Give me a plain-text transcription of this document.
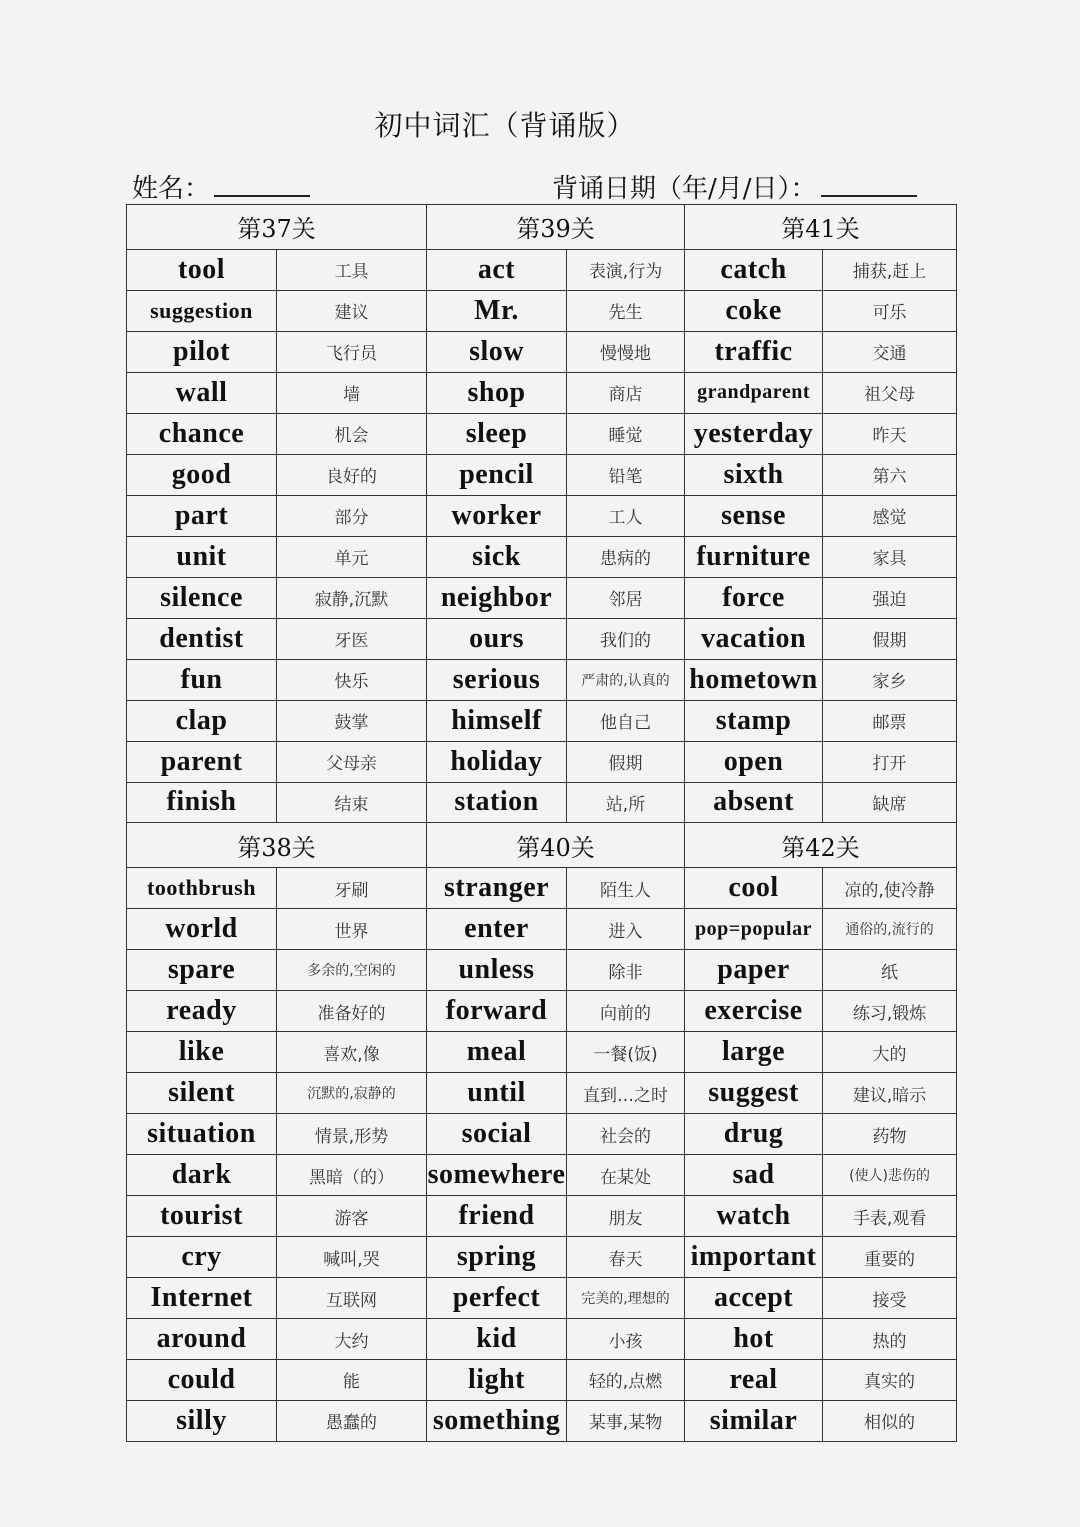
初中词汇（背诵版）
姓名：	背诵日期（年/月/日）：
第37关		第39关		第41关	
tool	工具	act	表演,行为	catch	捕获,赶上
suggestion	建议	Mr.	先生	coke	可乐
pilot	飞行员	slow	慢慢地	traffic	交通
wall	墙	shop	商店	grandparent	祖父母
chance	机会	sleep	睡觉	yesterday	昨天
good	良好的	pencil	铅笔	sixth	第六
part	部分	worker	工人	sense	感觉
unit	单元	sick	患病的	furniture	家具
silence	寂静,沉默	neighbor	邻居	force	强迫
dentist	牙医	ours	我们的	vacation	假期
fun	快乐	serious	严肃的,认真的	hometown	家乡
clap	鼓掌	himself	他自己	stamp	邮票
parent	父母亲	holiday	假期	open	打开
finish	结束	station	站,所	absent	缺席
第38关		第40关		第42关	
toothbrush	牙刷	stranger	陌生人	cool	凉的,使冷静
world	世界	enter	进入	pop=popular	通俗的,流行的
spare	多余的,空闲的	unless	除非	paper	纸
ready	准备好的	forward	向前的	exercise	练习,锻炼
like	喜欢,像	meal	一餐(饭)	large	大的
silent	沉默的,寂静的	until	直到…之时	suggest	建议,暗示
situation	情景,形势	social	社会的	drug	药物
dark	黑暗（的）	somewhere	在某处	sad	(使人)悲伤的
tourist	游客	friend	朋友	watch	手表,观看
cry	喊叫,哭	spring	春天	important	重要的
Internet	互联网	perfect	完美的,理想的	accept	接受
around	大约	kid	小孩	hot	热的
could	能	light	轻的,点燃	real	真实的
silly	愚蠢的	something	某事,某物	similar	相似的
